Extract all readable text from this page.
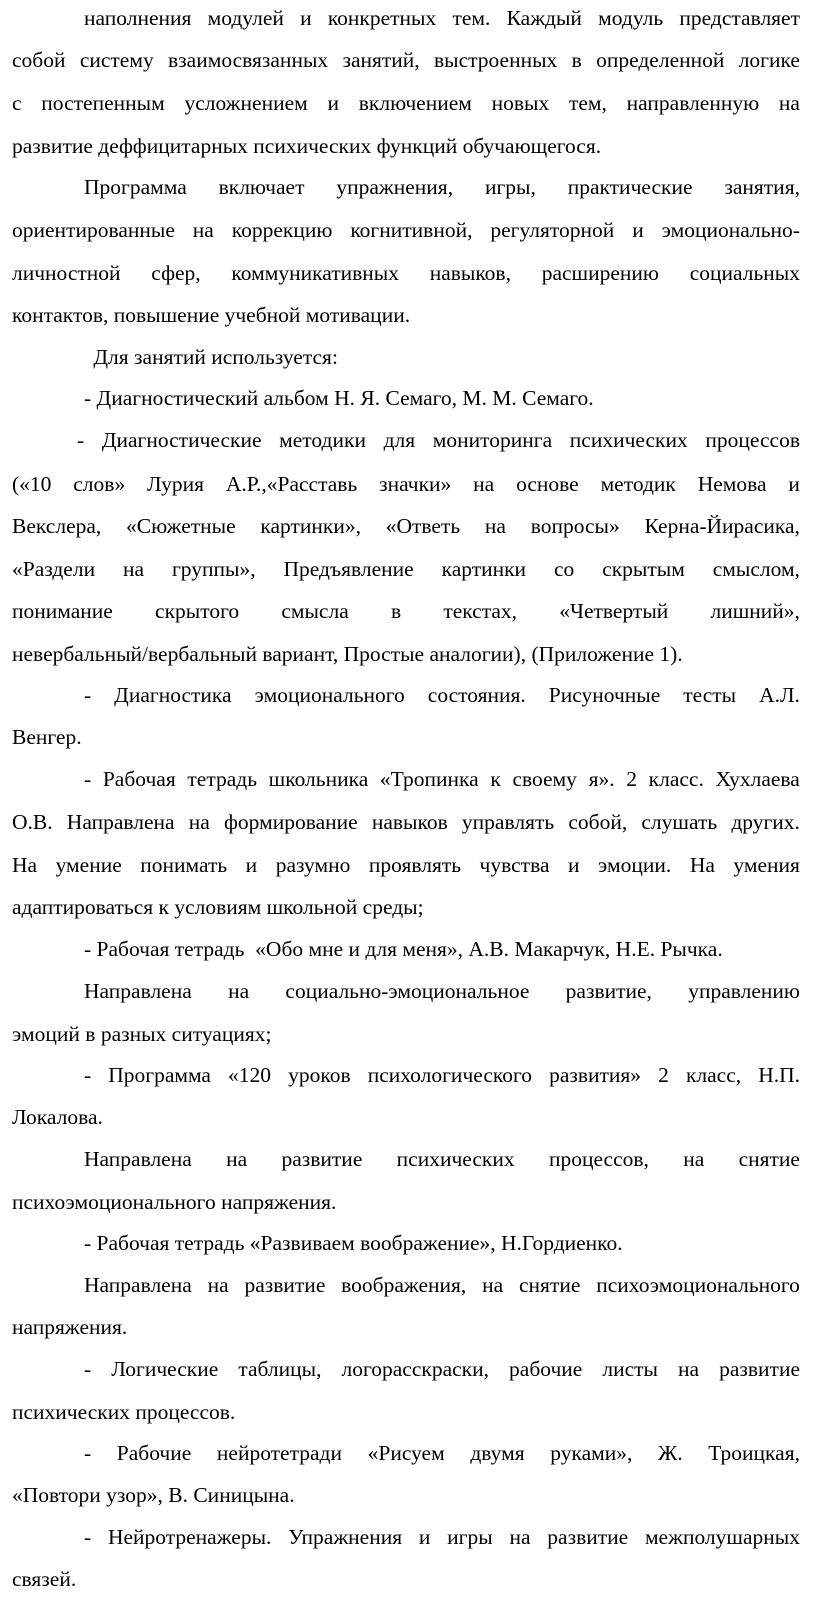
наполнения модулей и конкретных тем. Каждый модуль представляет
собой систему взаимосвязанных занятий, выстроенных в определенной логике
с постепенным усложнением и включением новых тем, направленную на
развитие деффицитарных психических функций обучающегося.
Программа включает упражнения, игры, практические занятия,
ориентированные на коррекцию когнитивной, регуляторной и эмоционально-
личностной сфер, коммуникативных навыков, расширению социальных
контактов, повышение учебной мотивации.
Для занятий используется:
- Диагностический альбом Н. Я. Семаго, М. М. Семаго.
- Диагностические методики для мониторинга психических процессов
(«10 слов» Лурия А.Р.,«Расставь значки» на основе методик Немова и
Векслера, «Сюжетные картинки», «Ответь на вопросы» Керна-Йирасика,
«Раздели на группы», Предъявление картинки со скрытым смыслом,
понимание скрытого смысла в текстах, «Четвертый лишний»,
невербальный/вербальный вариант, Простые аналогии), (Приложение 1).
- Диагностика эмоционального состояния. Рисуночные тесты А.Л.
Венгер.
- Рабочая тетрадь школьника «Тропинка к своему я». 2 класс. Хухлаева
О.В. Направлена на формирование навыков управлять собой, слушать других.
На умение понимать и разумно проявлять чувства и эмоции. На умения
адаптироваться к условиям школьной среды;
- Рабочая тетрадь  «Обо мне и для меня», А.В. Макарчук, Н.Е. Рычка.
Направлена на социально-эмоциональное развитие, управлению
эмоций в разных ситуациях;
- Программа «120 уроков психологического развития» 2 класс, Н.П.
Локалова.
Направлена на развитие психических процессов, на снятие
психоэмоционального напряжения.
- Рабочая тетрадь «Развиваем воображение», Н.Гордиенко.
Направлена на развитие воображения, на снятие психоэмоционального
напряжения.
- Логические таблицы, логорасскраски, рабочие листы на развитие
психических процессов.
- Рабочие нейротетради «Рисуем двумя руками», Ж. Троицкая,
«Повтори узор», В. Синицына.
- Нейротренажеры. Упражнения и игры на развитие межполушарных
связей.
